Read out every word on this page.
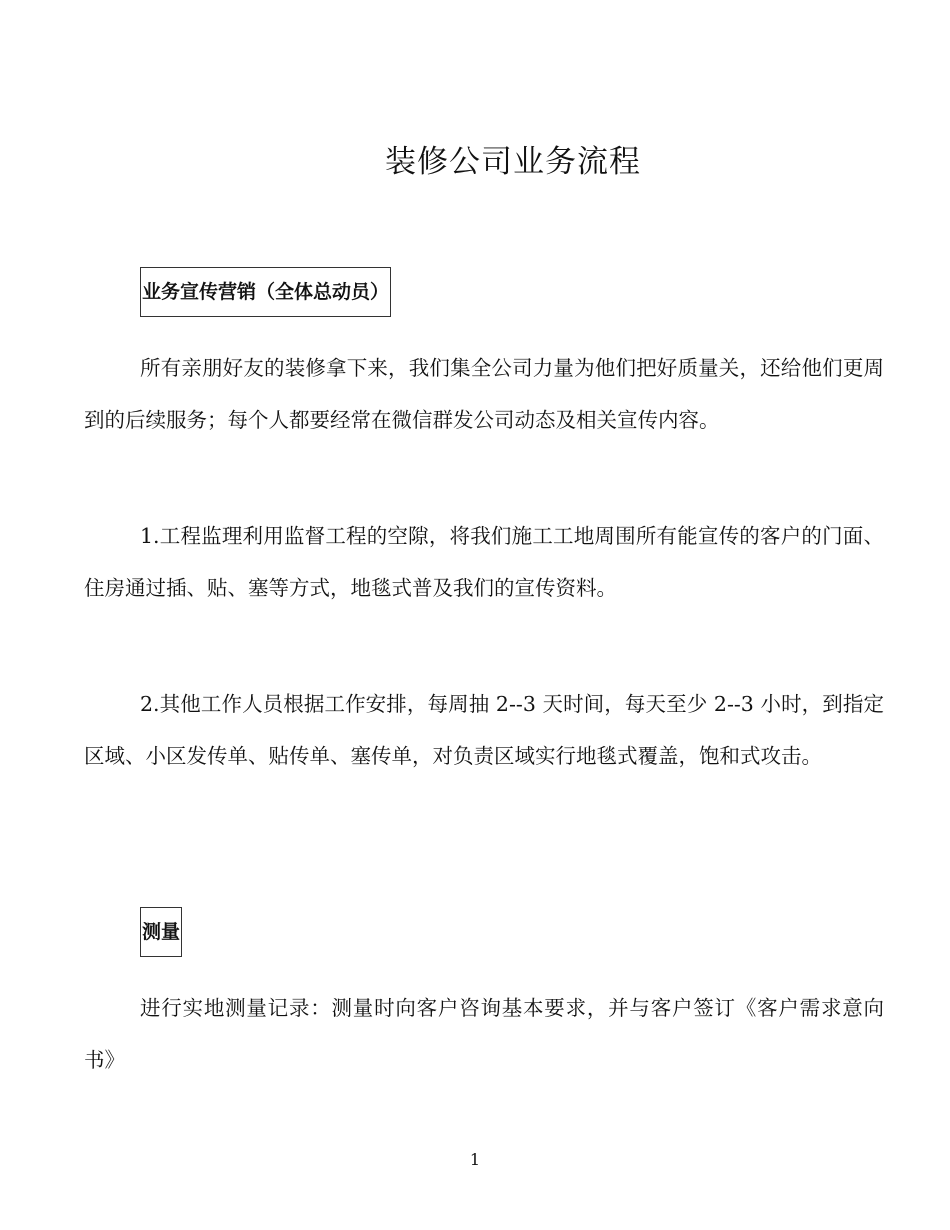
装修公司业务流程
业务宣传营销（全体总动员）

所有亲朋好友的装修拿下来，我们集全公司力量为他们把好质量关，还给他们更周到的后续服务；每个人都要经常在微信群发公司动态及相关宣传内容。

1.工程监理利用监督工程的空隙，将我们施工工地周围所有能宣传的客户的门面、住房通过插、贴、塞等方式，地毯式普及我们的宣传资料。

2.其他工作人员根据工作安排，每周抽 2--3 天时间，每天至少 2--3 小时，到指定区域、小区发传单、贴传单、塞传单，对负责区域实行地毯式覆盖，饱和式攻击。

测量

进行实地测量记录：测量时向客户咨询基本要求，并与客户签订《客户需求意向书》

1
